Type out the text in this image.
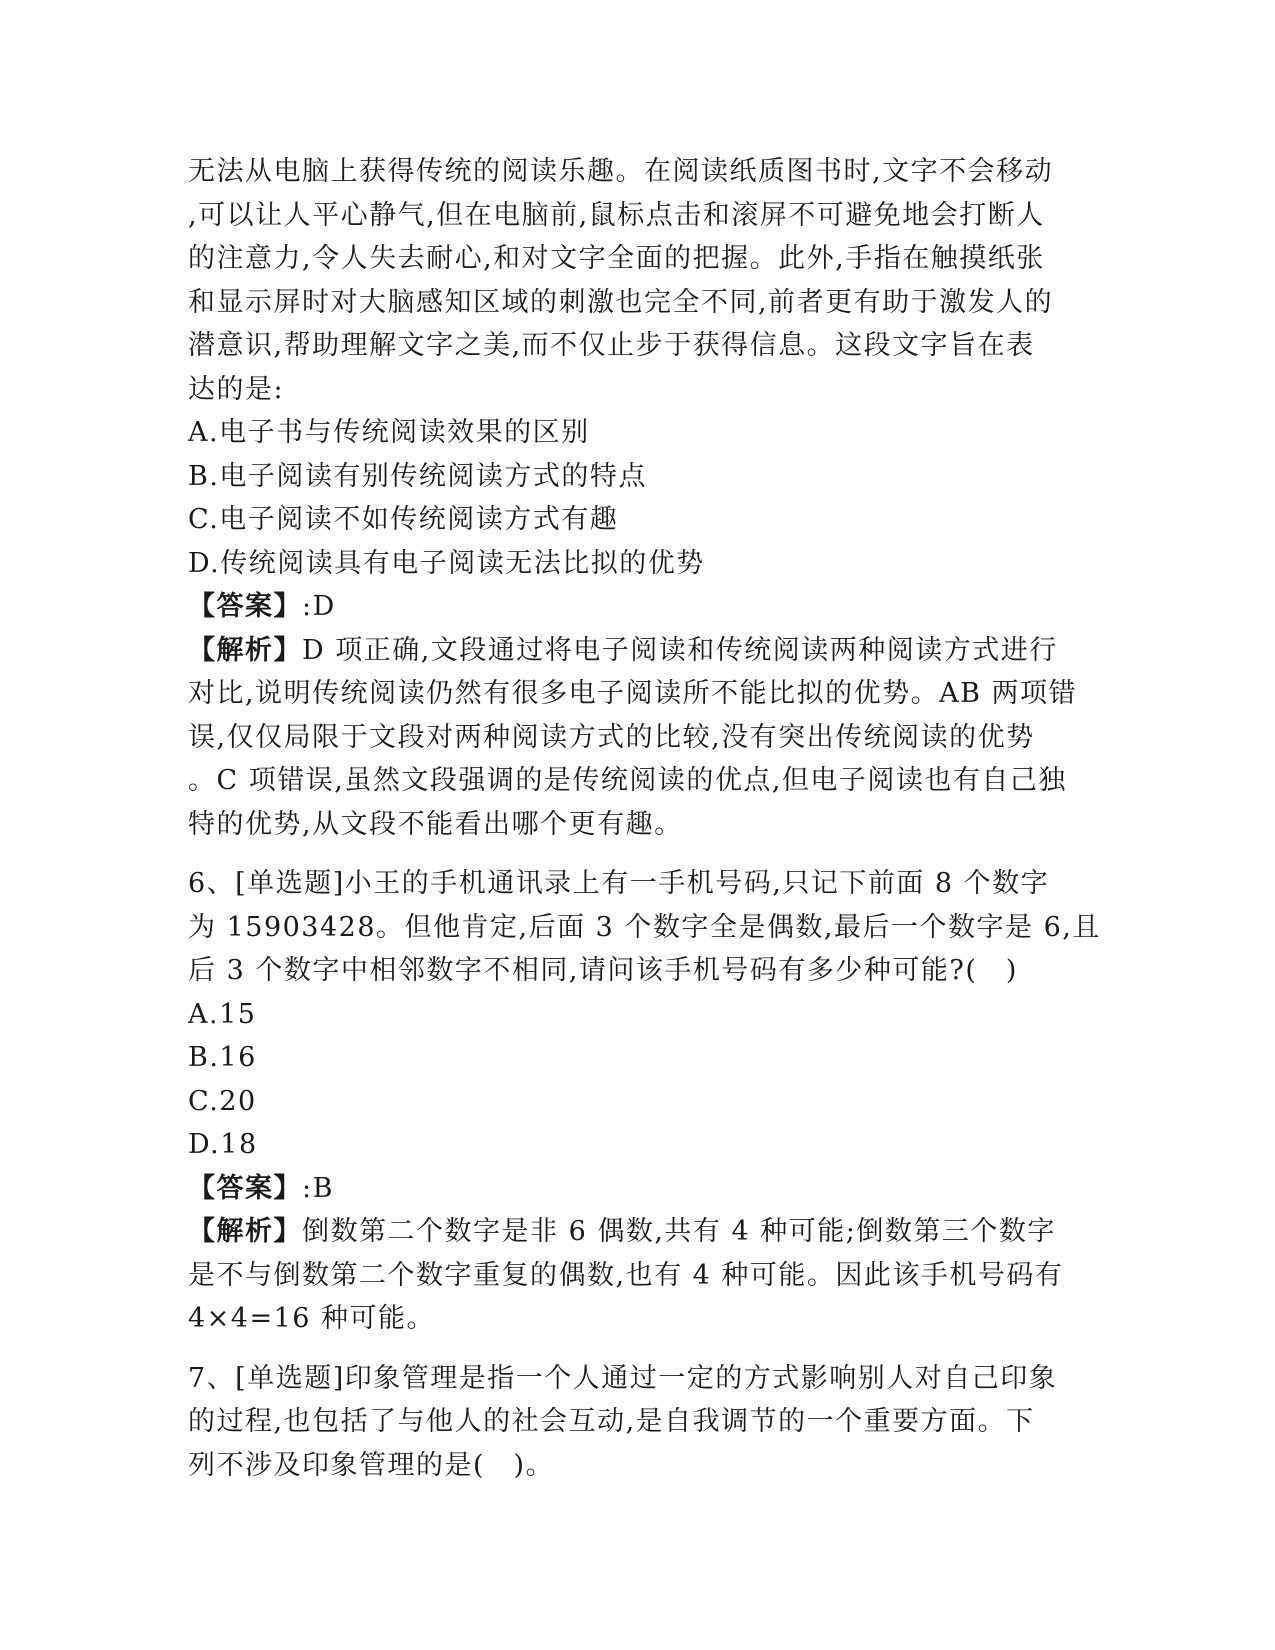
无法从电脑上获得传统的阅读乐趣。在阅读纸质图书时,文字不会移动
,可以让人平心静气,但在电脑前,鼠标点击和滚屏不可避免地会打断人
的注意力,令人失去耐心,和对文字全面的把握。此外,手指在触摸纸张
和显示屏时对大脑感知区域的刺激也完全不同,前者更有助于激发人的
潜意识,帮助理解文字之美,而不仅止步于获得信息。这段文字旨在表
达的是:
A.电子书与传统阅读效果的区别
B.电子阅读有别传统阅读方式的特点
C.电子阅读不如传统阅读方式有趣
D.传统阅读具有电子阅读无法比拟的优势
【答案】:D
【解析】D 项正确,文段通过将电子阅读和传统阅读两种阅读方式进行
对比,说明传统阅读仍然有很多电子阅读所不能比拟的优势。AB 两项错
误,仅仅局限于文段对两种阅读方式的比较,没有突出传统阅读的优势
。C 项错误,虽然文段强调的是传统阅读的优点,但电子阅读也有自己独
特的优势,从文段不能看出哪个更有趣。
6、[单选题]小王的手机通讯录上有一手机号码,只记下前面 8 个数字
为 15903428。但他肯定,后面 3 个数字全是偶数,最后一个数字是 6,且
后 3 个数字中相邻数字不相同,请问该手机号码有多少种可能?(　)
A.15
B.16
C.20
D.18
【答案】:B
【解析】倒数第二个数字是非 6 偶数,共有 4 种可能;倒数第三个数字
是不与倒数第二个数字重复的偶数,也有 4 种可能。因此该手机号码有
4×4=16 种可能。
7、[单选题]印象管理是指一个人通过一定的方式影响别人对自己印象
的过程,也包括了与他人的社会互动,是自我调节的一个重要方面。下
列不涉及印象管理的是(　)。
